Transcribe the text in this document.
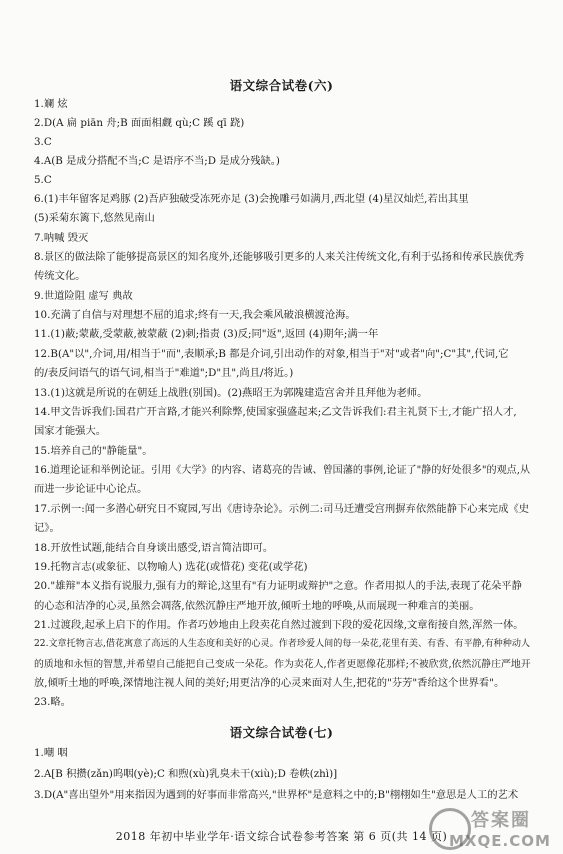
语文综合试卷(六)
1.斓 炫
2.D(A 扁 piān 舟;B 面面相觑 qù;C 蹊 qī 跷)
3.C
4.A(B 是成分搭配不当;C 是语序不当;D 是成分残缺。)
5.C
6.(1)丰年留客足鸡豚 (2)吾庐独破受冻死亦足 (3)会挽雕弓如满月,西北望 (4)星汉灿烂,若出其里
(5)采菊东篱下,悠然见南山
7.呐喊 毁灭
8.景区的做法除了能够提高景区的知名度外,还能够吸引更多的人来关注传统文化,有利于弘扬和传承民族优秀
传统文化。
9.世道险阻 虚写 典故
10.充满了自信与对理想不屈的追求;终有一天,我会乘风破浪横渡沧海。
11.(1)蔽;蒙蔽,受蒙蔽,被蒙蔽 (2)刺;指责 (3)反;同"返",返回 (4)期年;满一年
12.B(A"以",介词,用/相当于"而",表顺承;B 都是介词,引出动作的对象,相当于"对"或者"向";C"其",代词,它
的/表反问语气的语气词,相当于"难道";D"且",尚且/将近。)
13.(1)这就是所说的在朝廷上战胜(别国)。(2)燕昭王为郭隗建造宫舍并且拜他为老师。
14.甲文告诉我们:国君广开言路,才能兴利除弊,使国家强盛起来;乙文告诉我们:君主礼贤下士,才能广招人才,
国家才能强大。
15.培养自己的"静能量"。
16.道理论证和举例论证。引用《大学》的内容、诸葛亮的告诫、曾国藩的事例,论证了"静的好处很多"的观点,从
而进一步论证中心论点。
17.示例一:闻一多潜心研究日不窥园,写出《唐诗杂论》。示例二:司马迁遭受宫刑摒弃依然能静下心来完成《史
记》。
18.开放性试题,能结合自身谈出感受,语言简洁即可。
19.托物言志(或象征、以物喻人) 选花(或惜花) 变花(或学花)
20."雄辩"本义指有说服力,强有力的辩论,这里有"有力证明或辩护"之意。作者用拟人的手法,表现了花朵平静
的心态和洁净的心灵,虽然会凋落,依然沉静庄严地开放,倾听土地的呼唤,从而展现一种难言的美丽。
21.过渡段,起承上启下的作用。作者巧妙地由上段卖花自然过渡到下段的爱花因缘,文章衔接自然,浑然一体。
22.文章托物言志,借花寓意了高远的人生态度和美好的心灵。作者珍爱人间的每一朵花,花里有美、有香、有平静,有种种动人
的质地和永恒的智慧,并希望自己能把自己变成一朵花。作为卖花人,作者更愿像花那样;不被欣赏,依然沉静庄严地开
放,倾听土地的呼唤,深情地注视人间的美好;用更洁净的心灵来面对人生,把花的"芬芳"香给这个世界看"。
23.略。
语文综合试卷(七)
1.嘲 咽
2.A[B 积攒(zǎn)呜咽(yè);C 和煦(xù)乳臭未干(xiù);D 卷帙(zhì)]
3.D(A"喜出望外"用来指因为遇到的好事而非常高兴,"世界杯"是意料之中的;B"栩栩如生"意思是人工的艺术
2018 年初中毕业学年·语文综合试卷参考答案 第 6 页(共 14 页)
答案圈
MXQE.COM
